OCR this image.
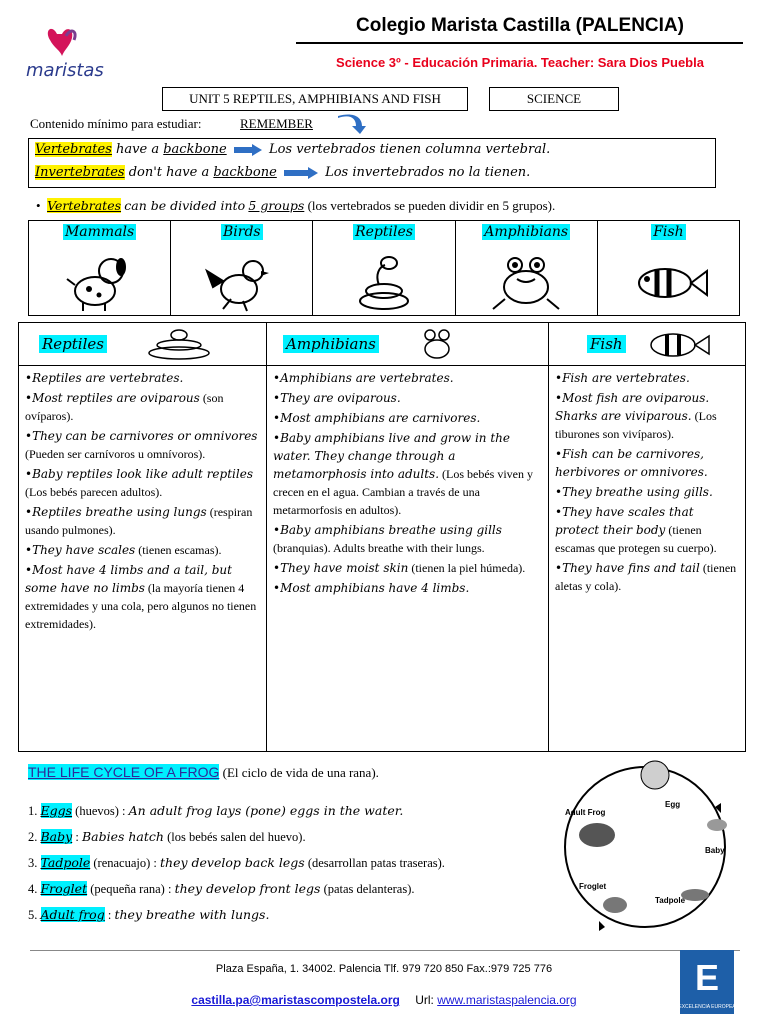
maristas
Colegio Marista Castilla (PALENCIA)
Science 3º - Educación Primaria. Teacher: Sara Dios Puebla
UNIT 5 REPTILES, AMPHIBIANS AND FISH	SCIENCE
Contenido mínimo para estudiar:	REMEMBER
Vertebrates have a backbone	Los vertebrados tienen columna vertebral.
Invertebrates don't have a backbone	Los invertebrados no la tienen.
• Vertebrates can be divided into 5 groups (los vertebrados se pueden dividir en 5 grupos).
Mammals	Birds	Reptiles	Amphibians	Fish
Reptiles
•Reptiles are vertebrates.
•Most reptiles are oviparous (son ovíparos).
•They can be carnivores or omnivores (Pueden ser carnívoros u omnívoros).
•Baby reptiles look like adult reptiles (Los bebés parecen adultos).
•Reptiles breathe using lungs (respiran usando pulmones).
•They have scales (tienen escamas).
•Most have 4 limbs and a tail, but some have no limbs (la mayoría tienen 4 extremidades y una cola, pero algunos no tienen extremidades).
Amphibians
•Amphibians are vertebrates.
•They are oviparous.
•Most amphibians are carnivores.
•Baby amphibians live and grow in the water. They change through a metamorphosis into adults. (Los bebés viven y crecen en el agua. Cambian a través de una metarmorfosis en adultos).
•Baby amphibians breathe using gills (branquias). Adults breathe with their lungs.
•They have moist skin (tienen la piel húmeda).
•Most amphibians have 4 limbs.
Fish
•Fish are vertebrates.
•Most fish are oviparous. Sharks are viviparous. (Los tiburones son vivíparos).
•Fish can be carnivores, herbivores or omnivores.
•They breathe using gills.
•They have scales that protect their body (tienen escamas que protegen su cuerpo).
•They have fins and tail (tienen aletas y cola).
THE LIFE CYCLE OF A FROG (El ciclo de vida de una rana).
1. Eggs (huevos) : An adult frog lays (pone) eggs in the water.
2. Baby : Babies hatch (los bebés salen del huevo).
3. Tadpole (renacuajo) : they develop back legs (desarrollan patas traseras).
4. Froglet (pequeña rana) : they develop front legs (patas delanteras).
5. Adult frog : they breathe with lungs.
Egg
Adult Frog
Baby
Froglet
Tadpole
Plaza España, 1. 34002. Palencia Tlf. 979 720 850 Fax.:979 725 776
castilla.pa@maristascompostela.org Url: www.maristaspalencia.org
E
EXCELENCIA EUROPEA
